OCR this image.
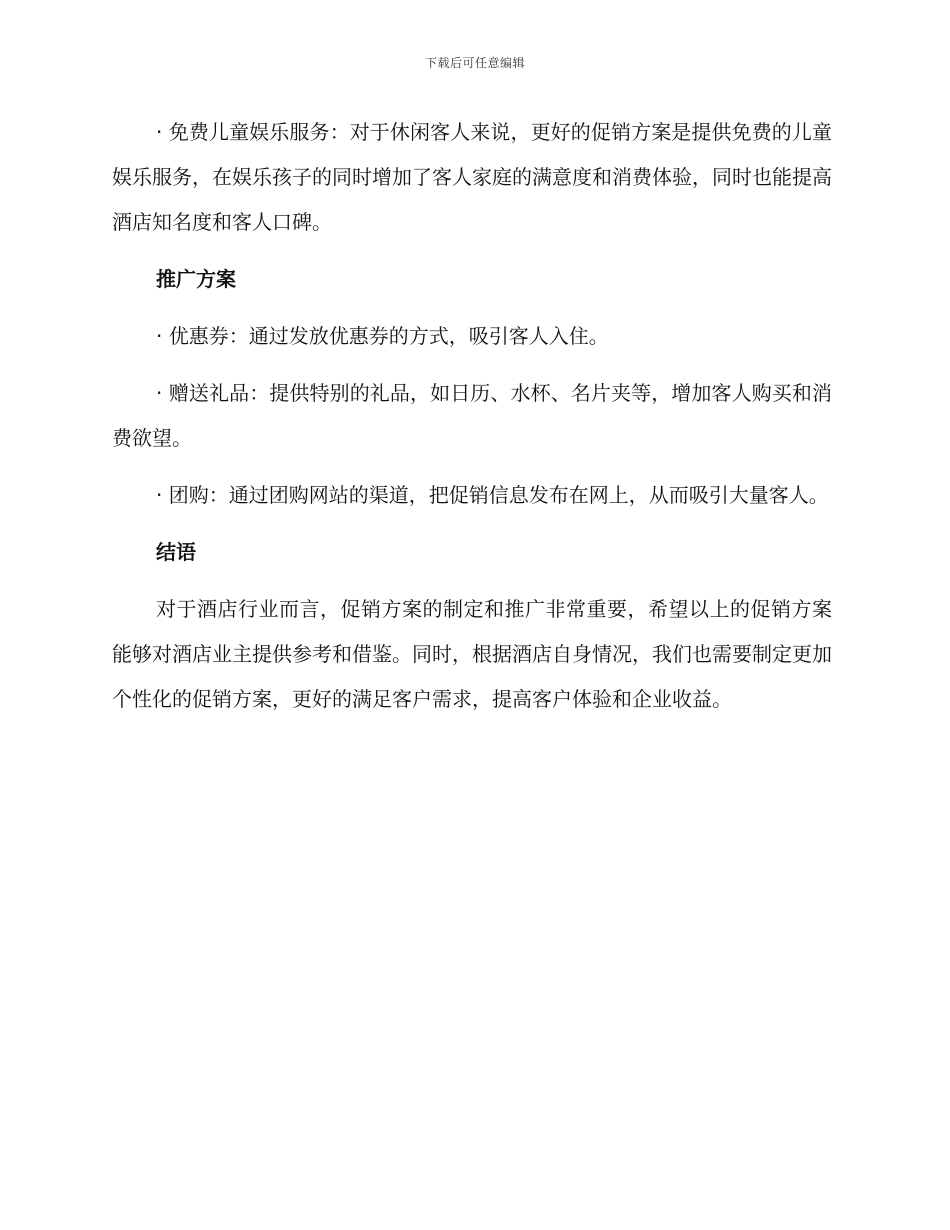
下载后可任意编辑

· 免费儿童娱乐服务：对于休闲客人来说，更好的促销方案是提供免费的儿童娱乐服务，在娱乐孩子的同时增加了客人家庭的满意度和消费体验，同时也能提高酒店知名度和客人口碑。

推广方案

· 优惠券：通过发放优惠券的方式，吸引客人入住。

· 赠送礼品：提供特别的礼品，如日历、水杯、名片夹等，增加客人购买和消费欲望。

· 团购：通过团购网站的渠道，把促销信息发布在网上，从而吸引大量客人。

结语

对于酒店行业而言，促销方案的制定和推广非常重要，希望以上的促销方案能够对酒店业主提供参考和借鉴。同时，根据酒店自身情况，我们也需要制定更加个性化的促销方案，更好的满足客户需求，提高客户体验和企业收益。
